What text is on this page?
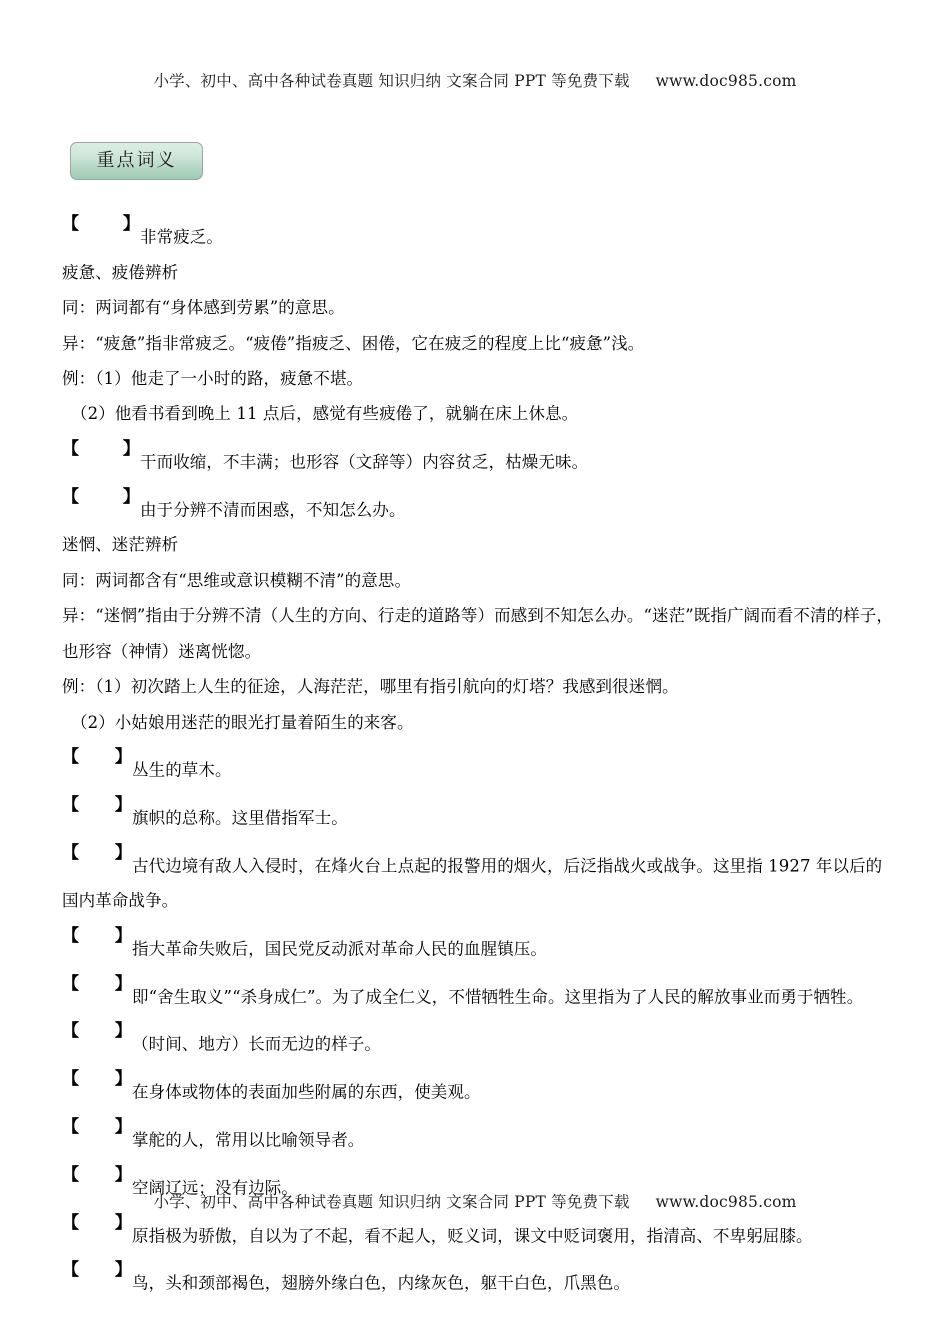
小学、初中、高中各种试卷真题 知识归纳 文案合同 PPT 等免费下载 www.doc985.com
重点词义
【	】
非常疲乏。
疲惫、疲倦辨析
同：两词都有“身体感到劳累”的意思。
异：“疲惫”指非常疲乏。“疲倦”指疲乏、困倦，它在疲乏的程度上比“疲惫”浅。
例：（1）他走了一小时的路，疲惫不堪。
（2）他看书看到晚上 11 点后，感觉有些疲倦了，就躺在床上休息。
【	】
干而收缩，不丰满；也形容（文辞等）内容贫乏，枯燥无味。
【	】
由于分辨不清而困惑，不知怎么办。
迷惘、迷茫辨析
同：两词都含有“思维或意识模糊不清”的意思。
异：“迷惘”指由于分辨不清（人生的方向、行走的道路等）而感到不知怎么办。“迷茫”既指广阔而看不清的样子，也形容（神情）迷离恍惚。
例：（1）初次踏上人生的征途，人海茫茫，哪里有指引航向的灯塔？我感到很迷惘。
（2）小姑娘用迷茫的眼光打量着陌生的来客。
【 】
丛生的草木。
【 】
旗帜的总称。这里借指军士。
【 】
古代边境有敌人入侵时，在烽火台上点起的报警用的烟火，后泛指战火或战争。这里指 1927 年以后的国内革命战争。
【 】
指大革命失败后，国民党反动派对革命人民的血腥镇压。
【 】
即“舍生取义”“杀身成仁”。为了成全仁义，不惜牺牲生命。这里指为了人民的解放事业而勇于牺牲。
【 】
（时间、地方）长而无边的样子。
【 】
在身体或物体的表面加些附属的东西，使美观。
【 】
掌舵的人，常用以比喻领导者。
【 】
空阔辽远；没有边际。
【 】
原指极为骄傲，自以为了不起，看不起人，贬义词，课文中贬词褒用，指清高、不卑躬屈膝。
【 】
鸟，头和颈部褐色，翅膀外缘白色，内缘灰色，躯干白色，爪黑色。
小学、初中、高中各种试卷真题 知识归纳 文案合同 PPT 等免费下载 www.doc985.com
